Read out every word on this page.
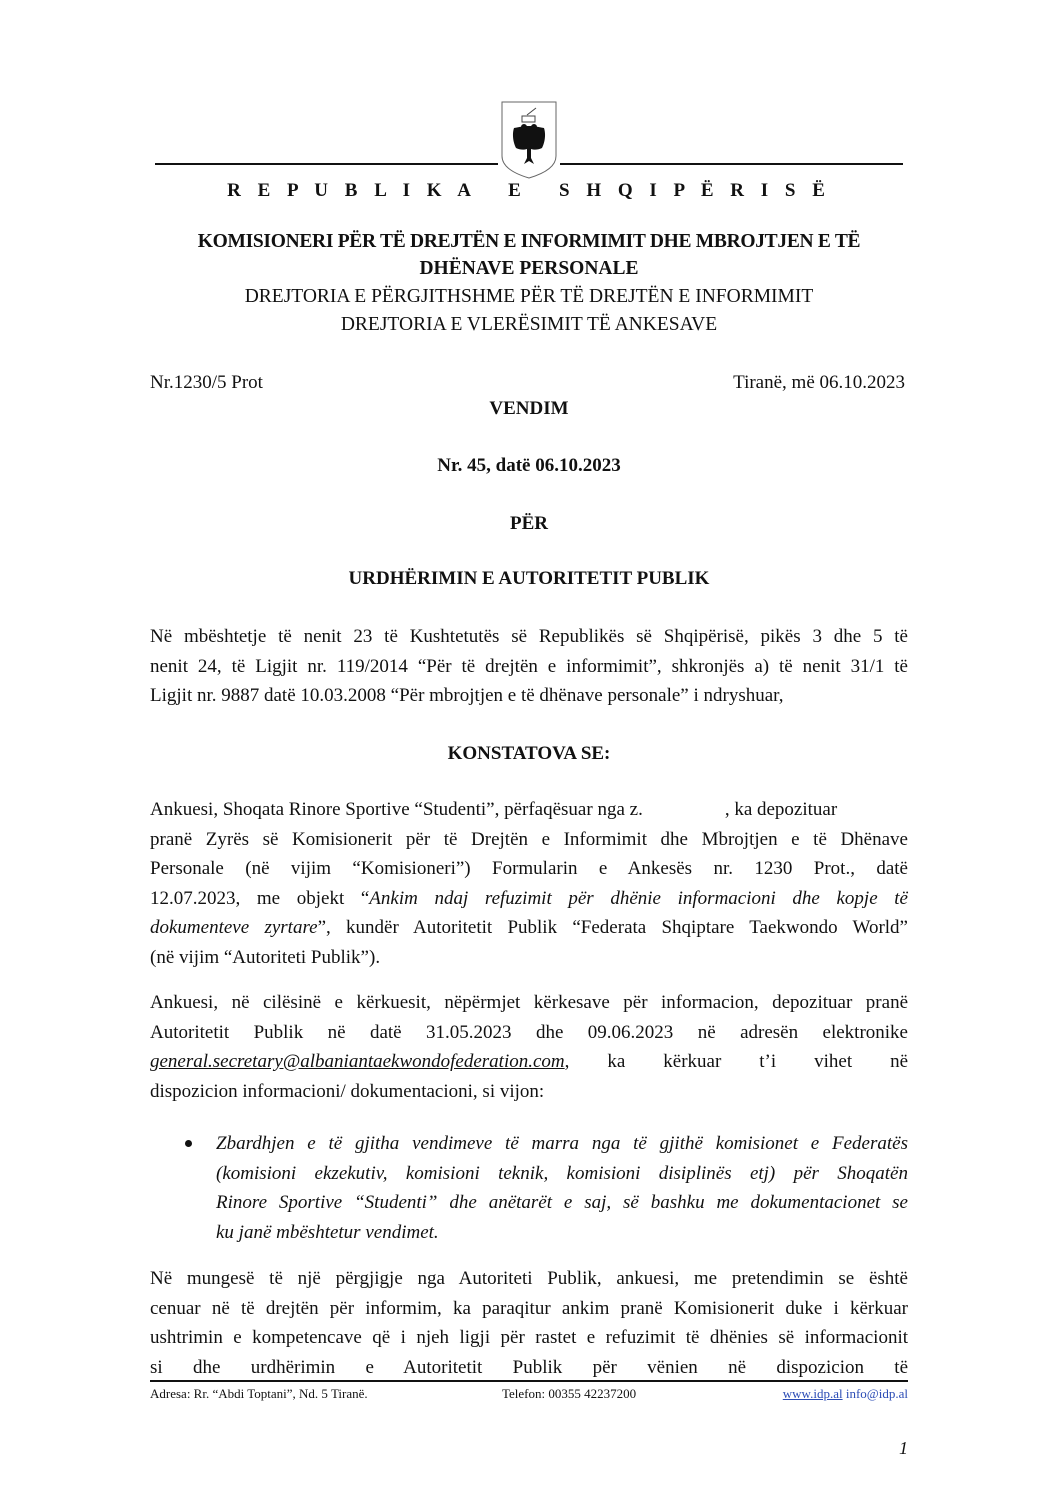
R E P U B L I K A   E   S H Q I P Ë R I S Ë
KOMISIONERI PËR TË DREJTËN E INFORMIMIT DHE MBROJTJEN E TË
DHËNAVE PERSONALE
DREJTORIA E PËRGJITHSHME PËR TË DREJTËN E INFORMIMIT
DREJTORIA E VLERËSIMIT TË ANKESAVE
Nr.1230/5 Prot	Tiranë, më 06.10.2023
VENDIM
Nr. 45, datë 06.10.2023
PËR
URDHËRIMIN E AUTORITETIT PUBLIK
Në mbështetje të nenit 23 të Kushtetutës së Republikës së Shqipërisë, pikës 3 dhe 5 të
nenit 24, të Ligjit nr. 119/2014 “Për të drejtën e informimit”, shkronjës a) të nenit 31/1 të
Ligjit nr. 9887 datë 10.03.2008 “Për mbrojtjen e të dhënave personale” i ndryshuar,
KONSTATOVA SE:
Ankuesi, Shoqata Rinore Sportive “Studenti”, përfaqësuar nga z.	, ka depozituar
pranë Zyrës së Komisionerit për të Drejtën e Informimit dhe Mbrojtjen e të Dhënave
Personale (në vijim “Komisioneri”) Formularin e Ankesës nr. 1230 Prot., datë
12.07.2023, me objekt “Ankim ndaj refuzimit për dhënie informacioni dhe kopje të
dokumenteve zyrtare”, kundër Autoritetit Publik “Federata Shqiptare Taekwondo World”
(në vijim “Autoriteti Publik”).
Ankuesi, në cilësinë e kërkuesit, nëpërmjet kërkesave për informacion, depozituar pranë
Autoritetit Publik në datë 31.05.2023 dhe 09.06.2023 në adresën elektronike
general.secretary@albaniantaekwondofederation.com, ka kërkuar t’i vihet në
dispozicion informacioni/ dokumentacioni, si vijon:
Zbardhjen e të gjitha vendimeve të marra nga të gjithë komisionet e Federatës
(komisioni ekzekutiv, komisioni teknik, komisioni disiplinës etj) për Shoqatën
Rinore Sportive “Studenti” dhe anëtarët e saj, së bashku me dokumentacionet se
ku janë mbështetur vendimet.
Në mungesë të një përgjigje nga Autoriteti Publik, ankuesi, me pretendimin se është
cenuar në të drejtën për informim, ka paraqitur ankim pranë Komisionerit duke i kërkuar
ushtrimin e kompetencave që i njeh ligji për rastet e refuzimit të dhënies së informacionit
si dhe urdhërimin e Autoritetit Publik për vënien në dispozicion të
Adresa: Rr. “Abdi Toptani”, Nd. 5 Tiranë.	Telefon: 00355 42237200	www.idp.al info@idp.al
1
